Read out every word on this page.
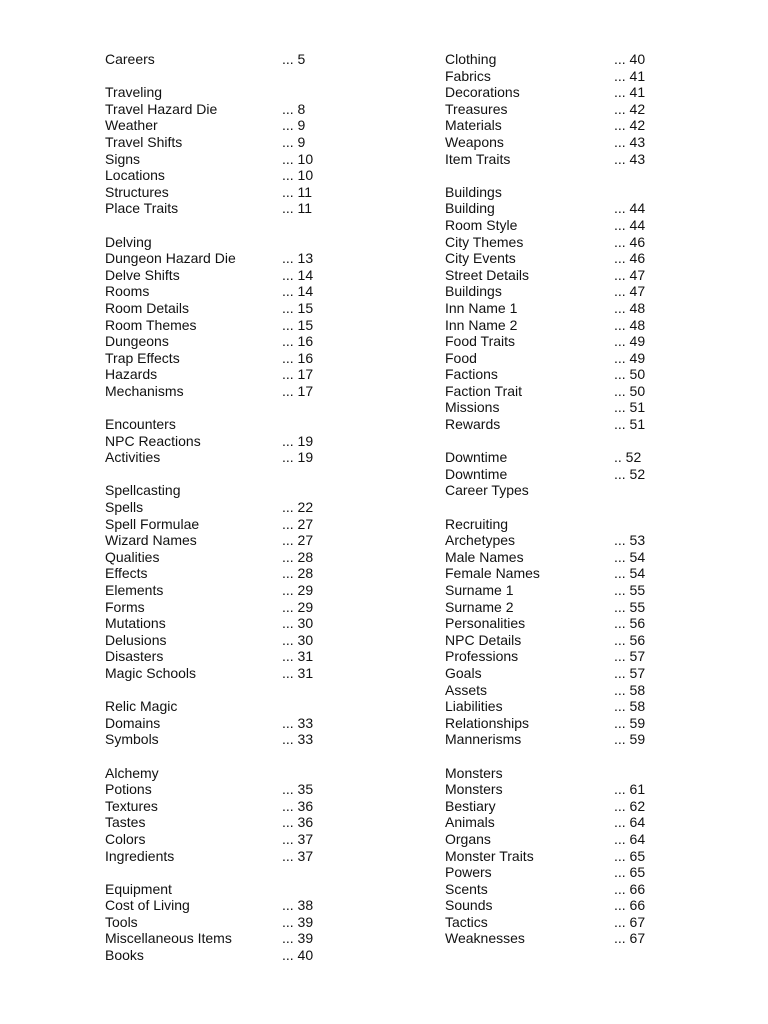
Careers	... 5
Traveling
Travel Hazard Die	... 8
Weather	... 9
Travel Shifts	... 9
Signs	... 10
Locations	... 10
Structures	... 11
Place Traits	... 11
Delving
Dungeon Hazard Die	... 13
Delve Shifts	... 14
Rooms	... 14
Room Details	... 15
Room Themes	... 15
Dungeons	... 16
Trap Effects	... 16
Hazards	... 17
Mechanisms	... 17
Encounters
NPC Reactions	... 19
Activities	... 19
Spellcasting
Spells	... 22
Spell Formulae	... 27
Wizard Names	... 27
Qualities	... 28
Effects	... 28
Elements	... 29
Forms	... 29
Mutations	... 30
Delusions	... 30
Disasters	... 31
Magic Schools	... 31
Relic Magic
Domains	... 33
Symbols	... 33
Alchemy
Potions	... 35
Textures	... 36
Tastes	... 36
Colors	... 37
Ingredients	... 37
Equipment
Cost of Living	... 38
Tools	... 39
Miscellaneous Items	... 39
Books	... 40
Clothing	... 40
Fabrics	... 41
Decorations	... 41
Treasures	... 42
Materials	... 42
Weapons	... 43
Item Traits	... 43
Buildings
Building	... 44
Room Style	... 44
City Themes	... 46
City Events	... 46
Street Details	... 47
Buildings	... 47
Inn Name 1	... 48
Inn Name 2	... 48
Food Traits	... 49
Food	... 49
Factions	... 50
Faction Trait	... 50
Missions	... 51
Rewards	... 51
Downtime	.. 52
Downtime	... 52
Career Types
Recruiting
Archetypes	... 53
Male Names	... 54
Female Names	... 54
Surname 1	... 55
Surname 2	... 55
Personalities	... 56
NPC Details	... 56
Professions	... 57
Goals	... 57
Assets	... 58
Liabilities	... 58
Relationships	... 59
Mannerisms	... 59
Monsters
Monsters	... 61
Bestiary	... 62
Animals	... 64
Organs	... 64
Monster Traits	... 65
Powers	... 65
Scents	... 66
Sounds	... 66
Tactics	... 67
Weaknesses	... 67
